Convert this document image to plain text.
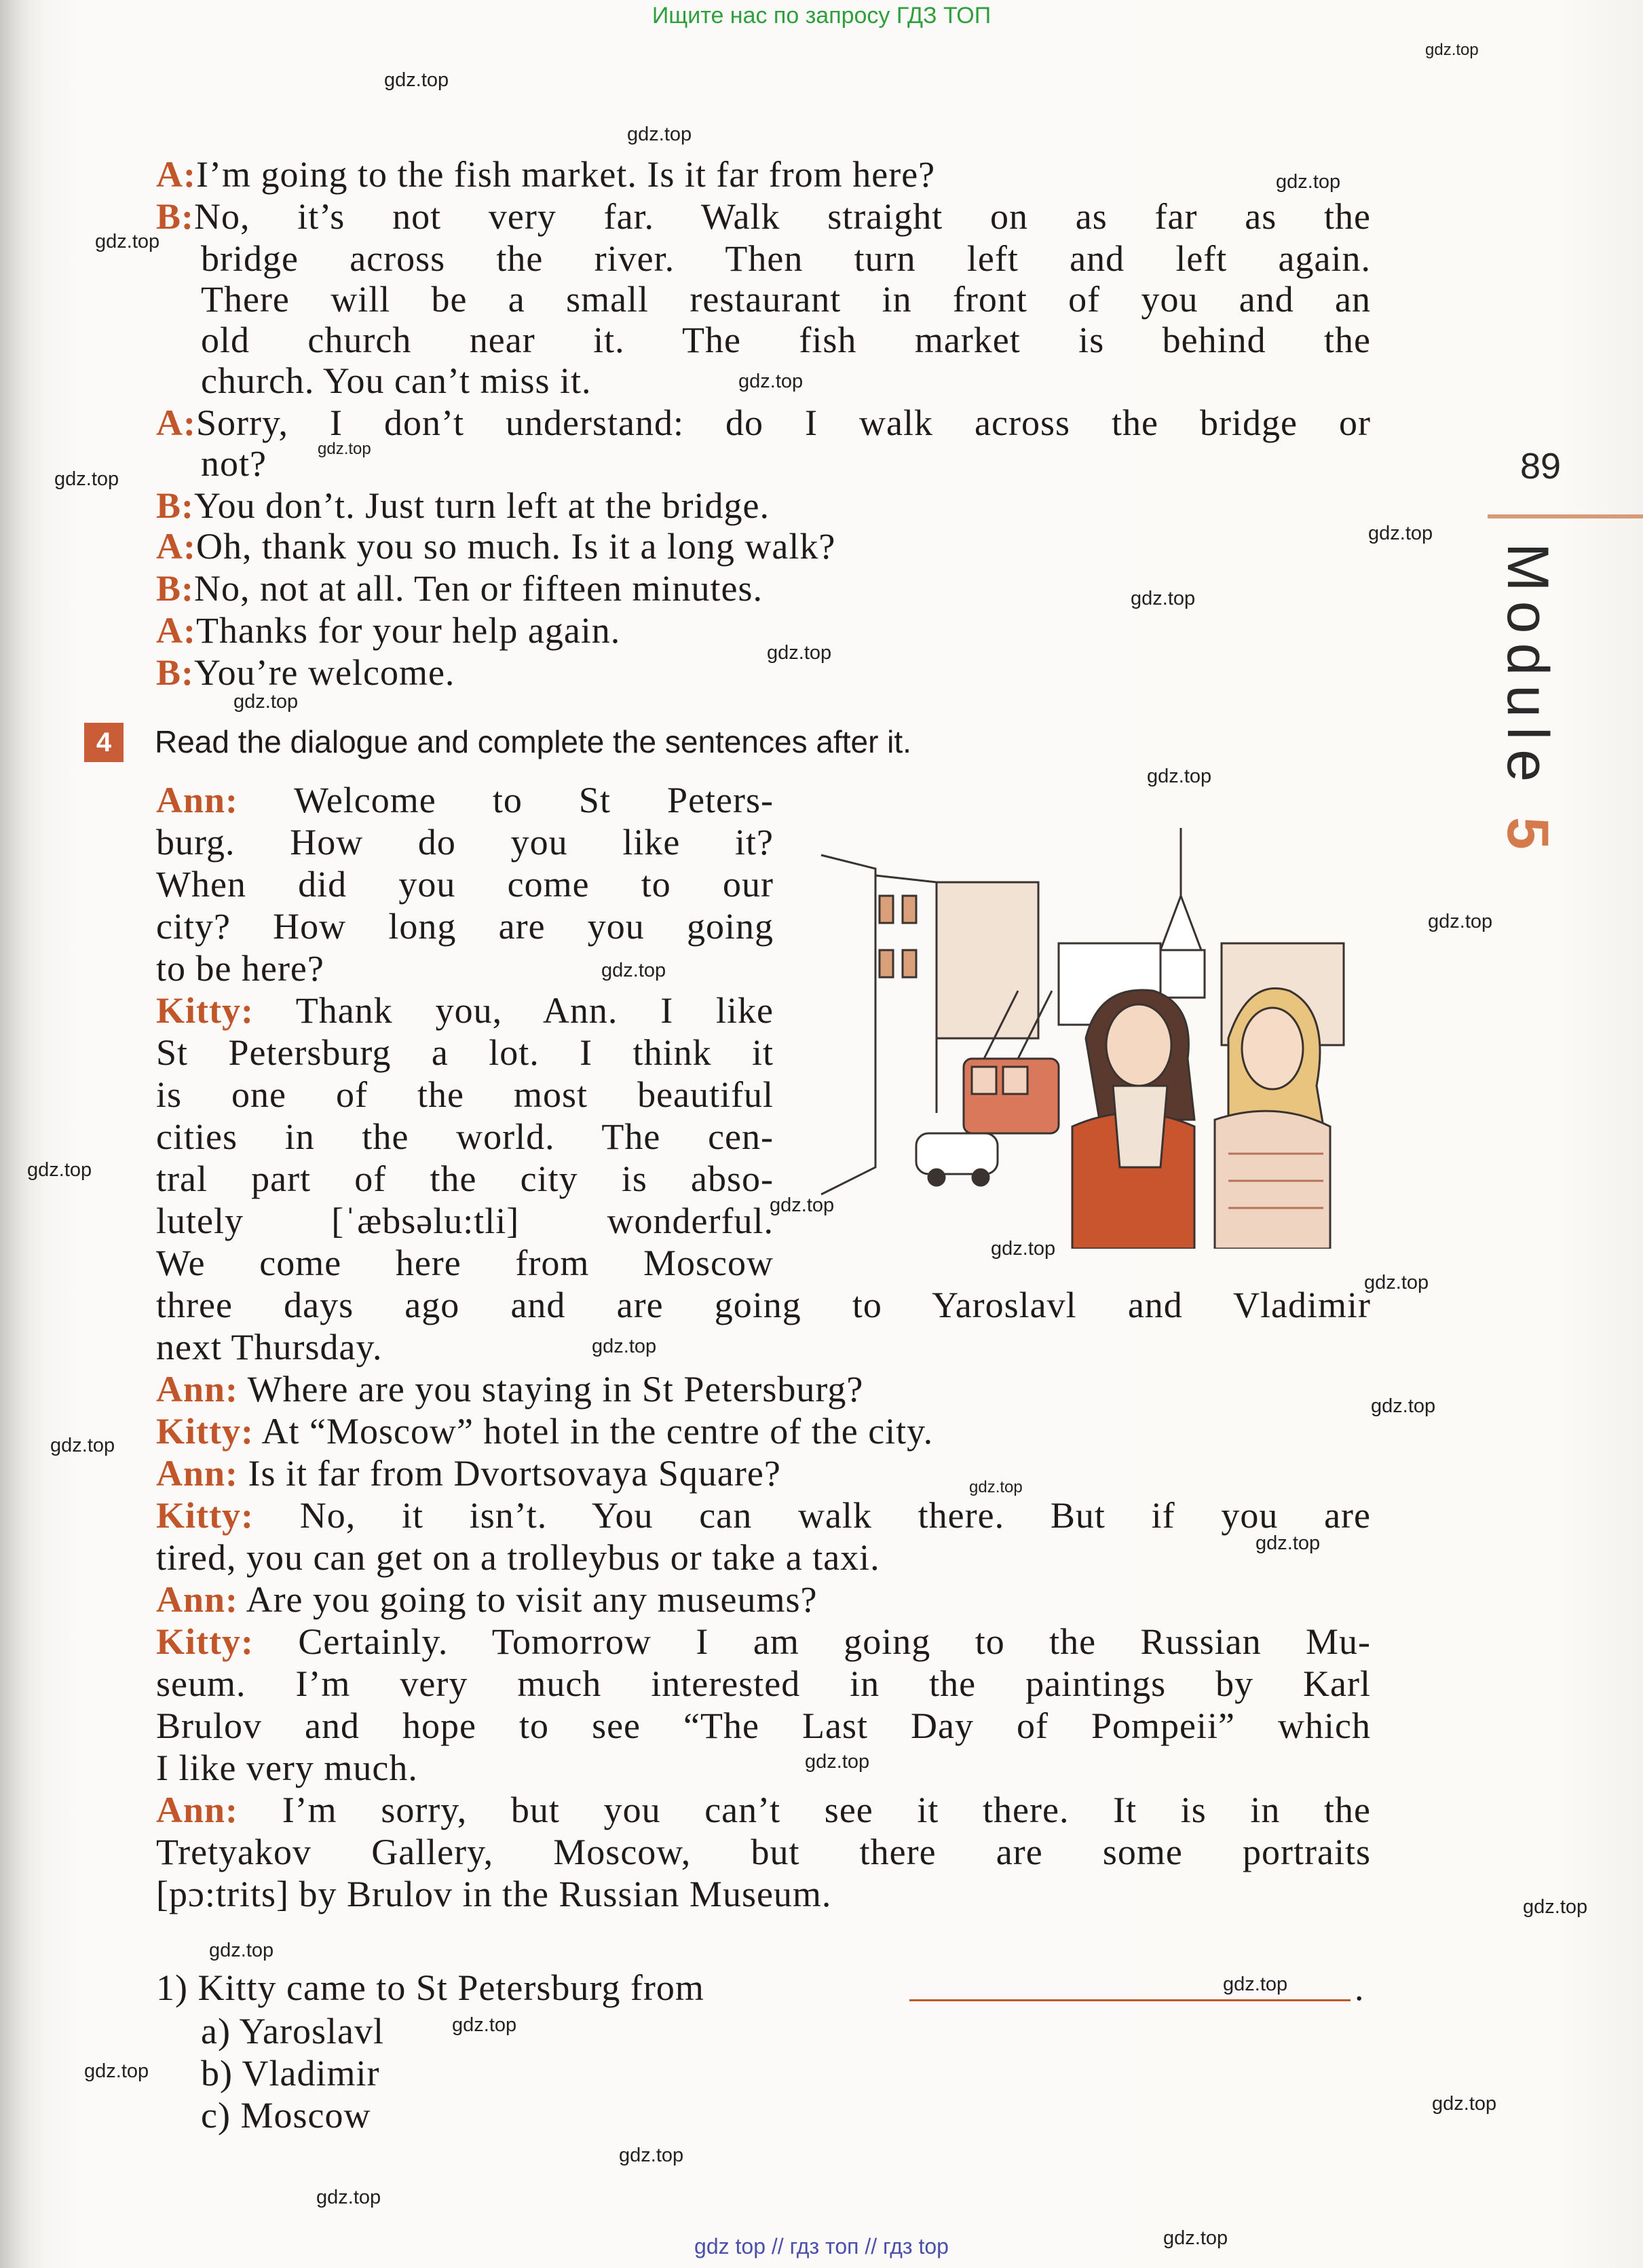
Ищите нас по запросу ГДЗ ТОП
A:I’m going to the fish market. Is it far from here?
B:No, it’s not very far. Walk straight on as far as the
bridge across the river. Then turn left and left again.
There will be a small restaurant in front of you and an
old church near it. The fish market is behind the
church. You can’t miss it.
A:Sorry, I don’t understand: do I walk across the bridge or
not?
B:You don’t. Just turn left at the bridge.
A:Oh, thank you so much. Is it a long walk?
B:No, not at all. Ten or fifteen minutes.
A:Thanks for your help again.
B:You’re welcome.
4	Read the dialogue and complete the sentences after it.
89
Module 5
Ann: Welcome to St Peters-
burg. How do you like it?
When did you come to our
city? How long are you going
to be here?
Kitty: Thank you, Ann. I like
St Petersburg a lot. I think it
is one of the most beautiful
cities in the world. The cen-
tral part of the city is abso-
lutely [ˈæbsəlu:tli] wonderful.
We come here from Moscow
three days ago and are going to Yaroslavl and Vladimir
next Thursday.
Ann: Where are you staying in St Petersburg?
Kitty: At “Moscow” hotel in the centre of the city.
Ann: Is it far from Dvortsovaya Square?
Kitty: No, it isn’t. You can walk there. But if you are
tired, you can get on a trolleybus or take a taxi.
Ann: Are you going to visit any museums?
Kitty: Certainly. Tomorrow I am going to the Russian Mu-
seum. I’m very much interested in the paintings by Karl
Brulov and hope to see “The Last Day of Pompeii” which
I like very much.
Ann: I’m sorry, but you can’t see it there. It is in the
Tretyakov Gallery, Moscow, but there are some portraits
[pɔ:trits] by Brulov in the Russian Museum.
1) Kitty came to St Petersburg from	.
a) Yaroslavl
b) Vladimir
c) Moscow
gdz.top
gdz.top
gdz.top
gdz.top
gdz.top
gdz.top
gdz.top
gdz.top
gdz.top
gdz.top
gdz.top
gdz.top
gdz.top
gdz.top
gdz.top
gdz.top
gdz.top
gdz.top
gdz.top
gdz.top
gdz.top
gdz.top
gdz.top
gdz.top
gdz.top
gdz.top
gdz.top
gdz.top
gdz.top
gdz.top
gdz.top
gdz.top
gdz.top
gdz.top
gdz top // гдз топ // гдз top
